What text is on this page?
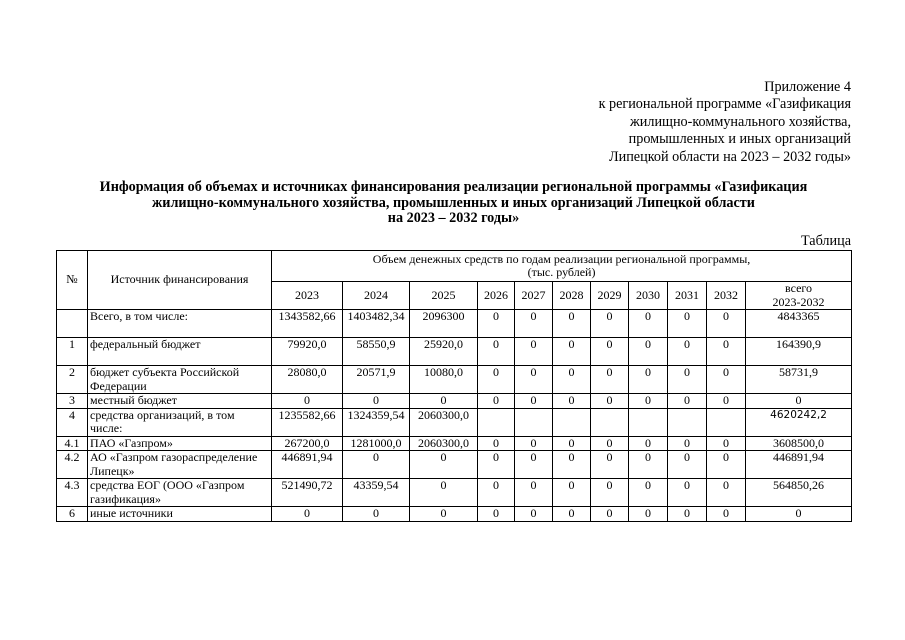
Приложение 4
к региональной программе «Газификация
жилищно-коммунального хозяйства,
промышленных и иных организаций
Липецкой области на 2023 – 2032 годы»
Информация об объемах и источниках финансирования реализации региональной программы «Газификация
жилищно-коммунального хозяйства, промышленных и иных организаций Липецкой области
на 2023 – 2032 годы»
Таблица
№	Источник финансирования	Объем денежных средств по годам реализации региональной программы,
(тыс. рублей)										

		2023	2024	2025	2026	2027	2028	2029	2030	2031	2032	всего
2023-2032

	Всего, в том числе:	1343582,66	1403482,34	2096300	0	0	0	0	0	0	0	4843365
1	федеральный бюджет	79920,0	58550,9	25920,0	0	0	0	0	0	0	0	164390,9
2	бюджет субъекта Российской Федерации	28080,0	20571,9	10080,0	0	0	0	0	0	0	0	58731,9
3	местный бюджет	0	0	0	0	0	0	0	0	0	0	0
4	средства организаций, в том числе:	1235582,66	1324359,54	2060300,0								4620242,2
4.1	ПАО «Газпром»	267200,0	1281000,0	2060300,0	0	0	0	0	0	0	0	3608500,0
4.2	АО «Газпром газораспределение Липецк»	446891,94	0	0	0	0	0	0	0	0	0	446891,94
4.3	средства ЕОГ (ООО «Газпром газификация»	521490,72	43359,54	0	0	0	0	0	0	0	0	564850,26
6	иные источники	0	0	0	0	0	0	0	0	0	0	0
